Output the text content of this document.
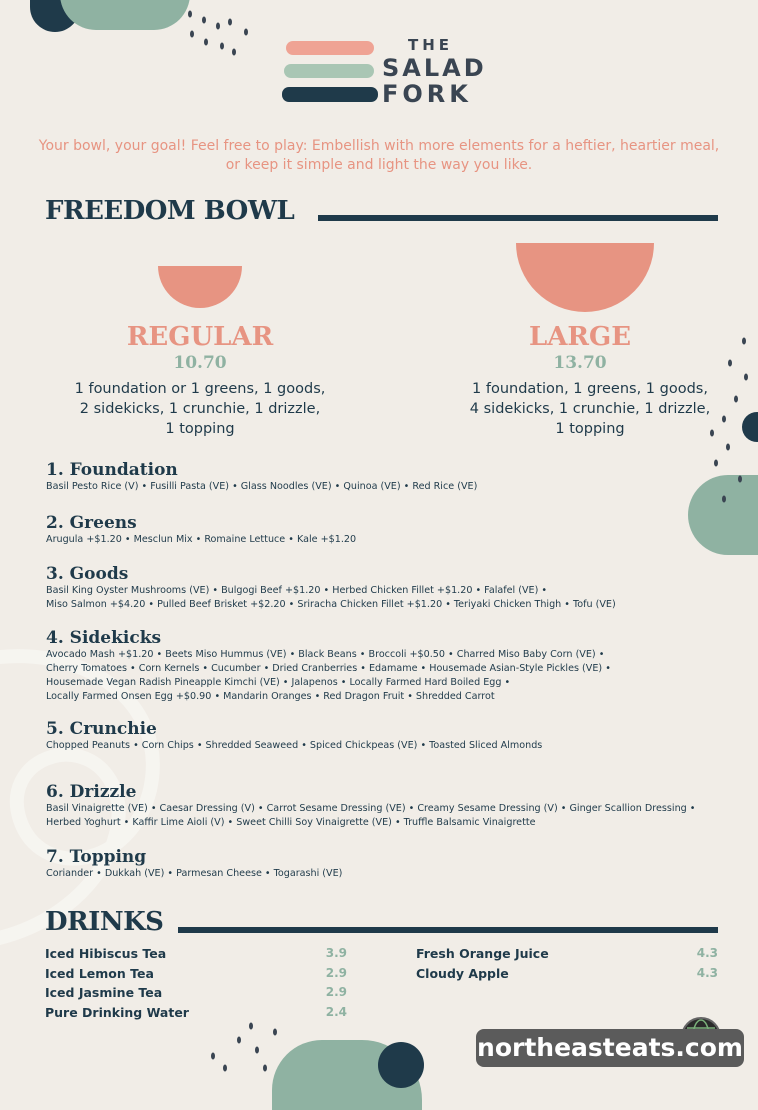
THE
SALAD
FORK
Your bowl, your goal! Feel free to play: Embellish with more elements for a heftier, heartier meal,
or keep it simple and light the way you like.
FREEDOM BOWL
REGULAR
10.70
1 foundation or 1 greens, 1 goods,
2 sidekicks, 1 crunchie, 1 drizzle,
1 topping
LARGE
13.70
1 foundation, 1 greens, 1 goods,
4 sidekicks, 1 crunchie, 1 drizzle,
1 topping
1. Foundation
Basil Pesto Rice (V) • Fusilli Pasta (VE) • Glass Noodles (VE) • Quinoa (VE) • Red Rice (VE)
2. Greens
Arugula +$1.20 • Mesclun Mix • Romaine Lettuce • Kale +$1.20
3. Goods
Basil King Oyster Mushrooms (VE) • Bulgogi Beef +$1.20 • Herbed Chicken Fillet +$1.20 • Falafel (VE) •
Miso Salmon +$4.20 • Pulled Beef Brisket +$2.20 • Sriracha Chicken Fillet +$1.20 • Teriyaki Chicken Thigh • Tofu (VE)
4. Sidekicks
Avocado Mash +$1.20 • Beets Miso Hummus (VE) • Black Beans • Broccoli +$0.50 • Charred Miso Baby Corn (VE) •
Cherry Tomatoes • Corn Kernels • Cucumber • Dried Cranberries • Edamame • Housemade Asian-Style Pickles (VE) •
Housemade Vegan Radish Pineapple Kimchi (VE) • Jalapenos • Locally Farmed Hard Boiled Egg •
Locally Farmed Onsen Egg +$0.90 • Mandarin Oranges • Red Dragon Fruit • Shredded Carrot
5. Crunchie
Chopped Peanuts • Corn Chips • Shredded Seaweed • Spiced Chickpeas (VE) • Toasted Sliced Almonds
6. Drizzle
Basil Vinaigrette (VE) • Caesar Dressing (V) • Carrot Sesame Dressing (VE) • Creamy Sesame Dressing (V) • Ginger Scallion Dressing •
Herbed Yoghurt • Kaffir Lime Aioli (V) • Sweet Chilli Soy Vinaigrette (VE) • Truffle Balsamic Vinaigrette
7. Topping
Coriander • Dukkah (VE) • Parmesan Cheese • Togarashi (VE)
DRINKS
Iced Hibiscus Tea	3.9
Iced Lemon Tea	2.9
Iced Jasmine Tea	2.9
Pure Drinking Water	2.4
Fresh Orange Juice	4.3
Cloudy Apple	4.3
northeasteats.com
